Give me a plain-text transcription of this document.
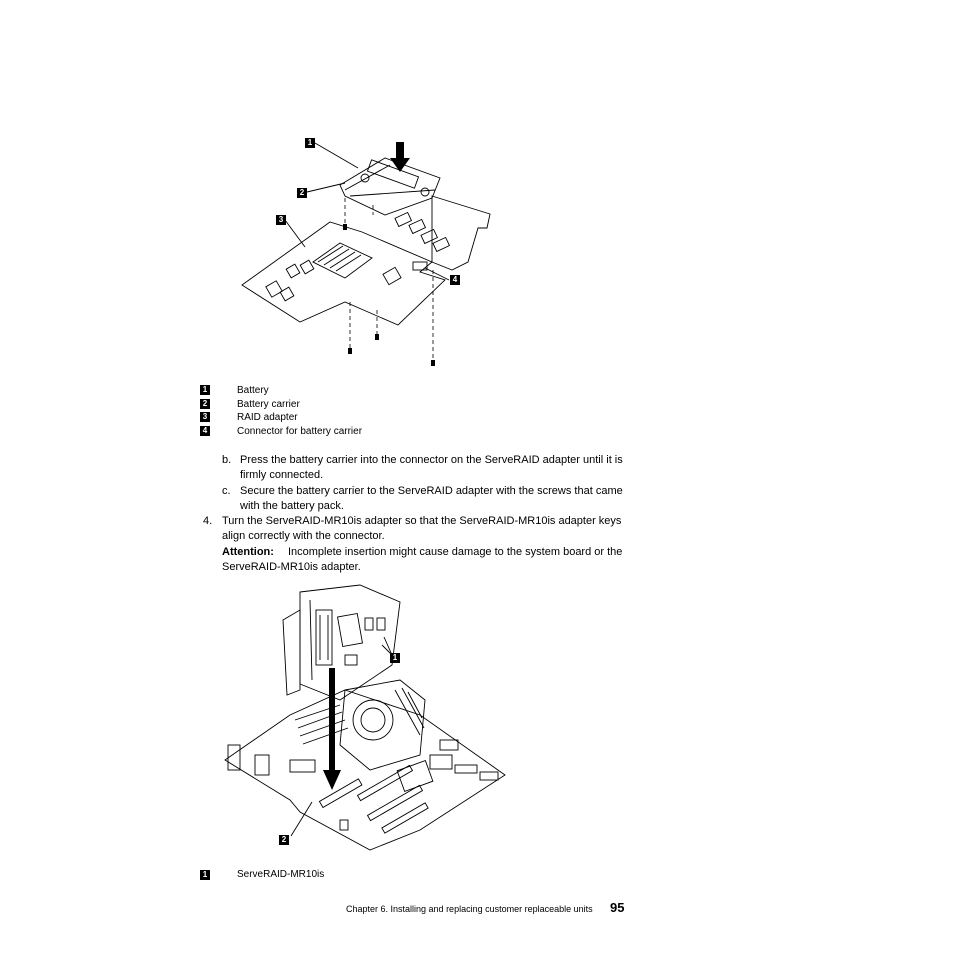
1
2
3
4
1	Battery
2	Battery carrier
3	RAID adapter
4	Connector for battery carrier
b. Press the battery carrier into the connector on the ServeRAID adapter until it is firmly connected.
c. Secure the battery carrier to the ServeRAID adapter with the screws that came with the battery pack.
4. Turn the ServeRAID-MR10is adapter so that the ServeRAID-MR10is adapter keys align correctly with the connector.
Attention: Incomplete insertion might cause damage to the system board or the ServeRAID-MR10is adapter.
1
2
1	ServeRAID-MR10is
Chapter 6. Installing and replacing customer replaceable units 95
